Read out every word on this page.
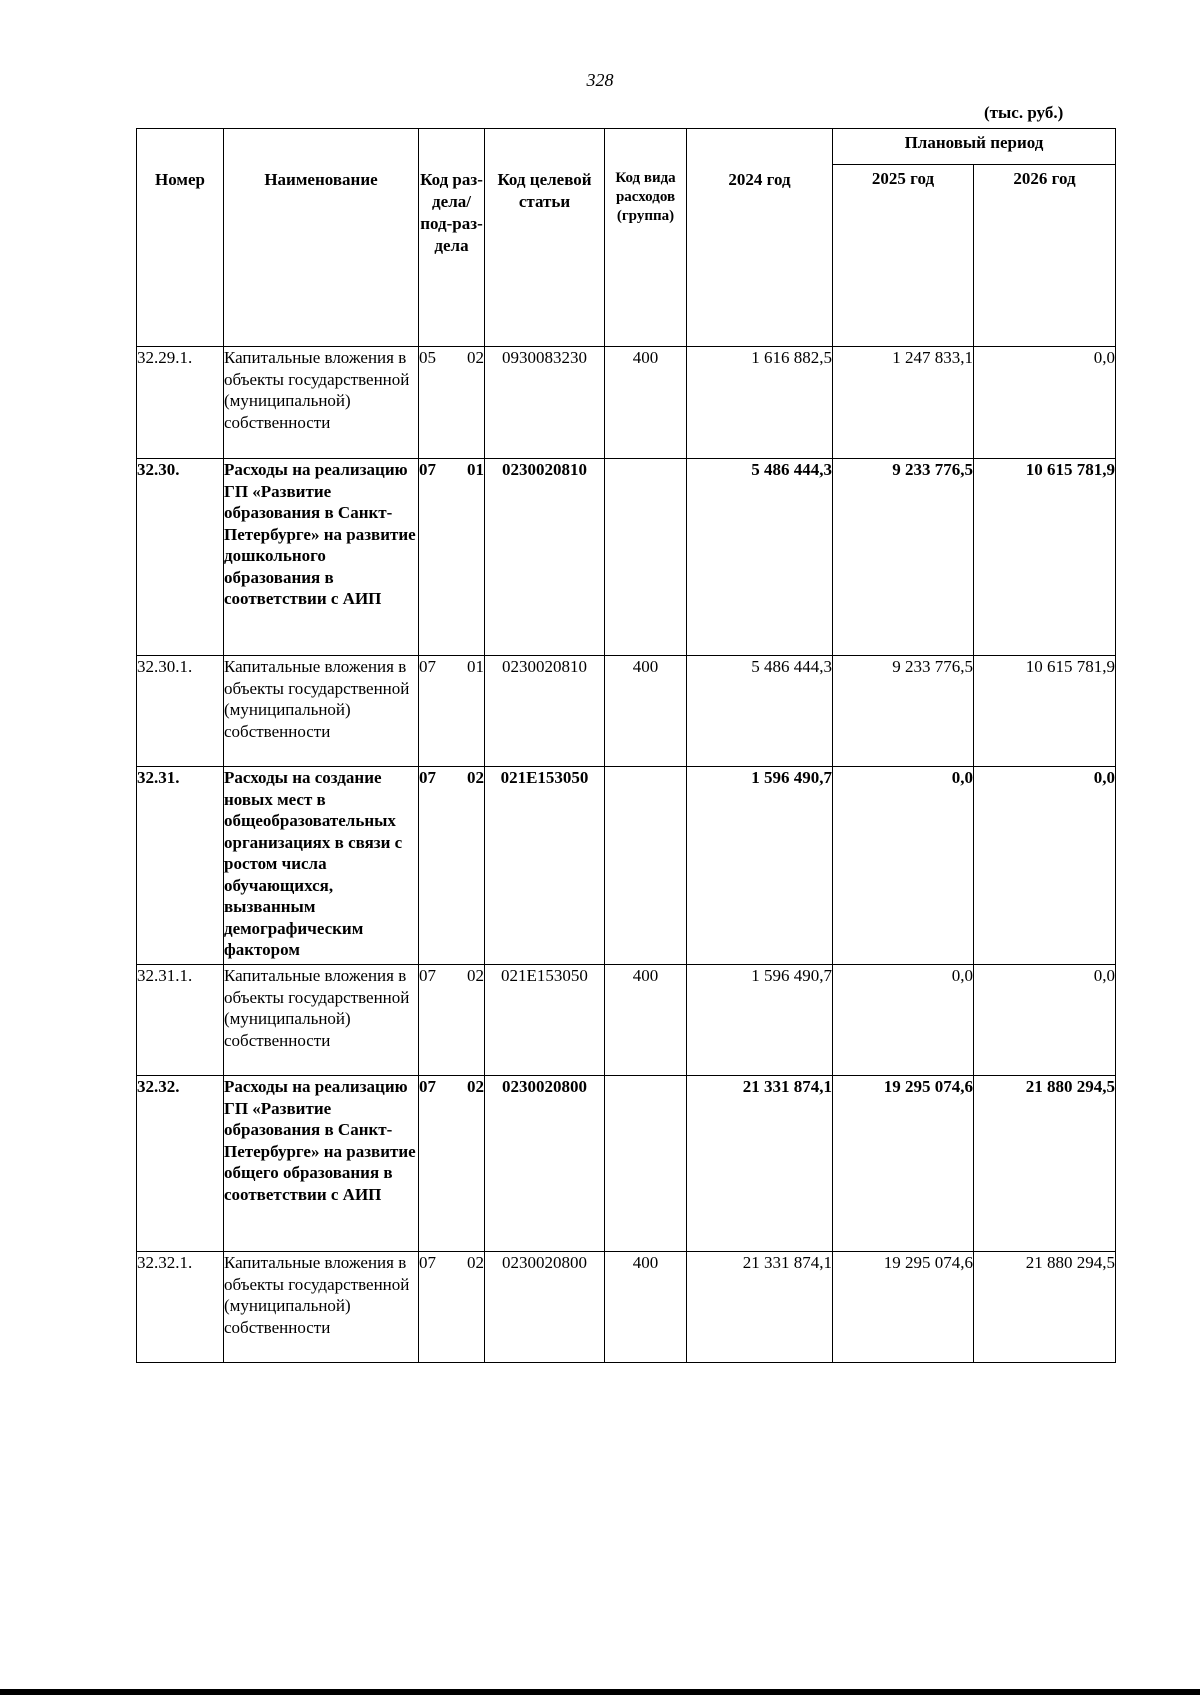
328
(тыс. руб.)
Номер	Наименование	Код раз-дела/ под-раз-дела	Код целевой статьи	Код вида расходов (группа)	2024 год	Плановый период	
						2025 год	2026 год
32.29.1.	Капитальные вложения в объекты государственной (муниципальной) собственности	05 02	0930083230	400	1 616 882,5	1 247 833,1	0,0
32.30.	Расходы на реализацию ГП «Развитие образования в Санкт-Петербурге» на развитие дошкольного образования в соответствии с АИП	07 01	0230020810		5 486 444,3	9 233 776,5	10 615 781,9
32.30.1.	Капитальные вложения в объекты государственной (муниципальной) собственности	07 01	0230020810	400	5 486 444,3	9 233 776,5	10 615 781,9
32.31.	Расходы на создание новых мест в общеобразовательных организациях в связи с ростом числа обучающихся, вызванным демографическим фактором	07 02	021E153050		1 596 490,7	0,0	0,0
32.31.1.	Капитальные вложения в объекты государственной (муниципальной) собственности	07 02	021E153050	400	1 596 490,7	0,0	0,0
32.32.	Расходы на реализацию ГП «Развитие образования в Санкт-Петербурге» на развитие общего образования в соответствии с АИП	07 02	0230020800		21 331 874,1	19 295 074,6	21 880 294,5
32.32.1.	Капитальные вложения в объекты государственной (муниципальной) собственности	07 02	0230020800	400	21 331 874,1	19 295 074,6	21 880 294,5
